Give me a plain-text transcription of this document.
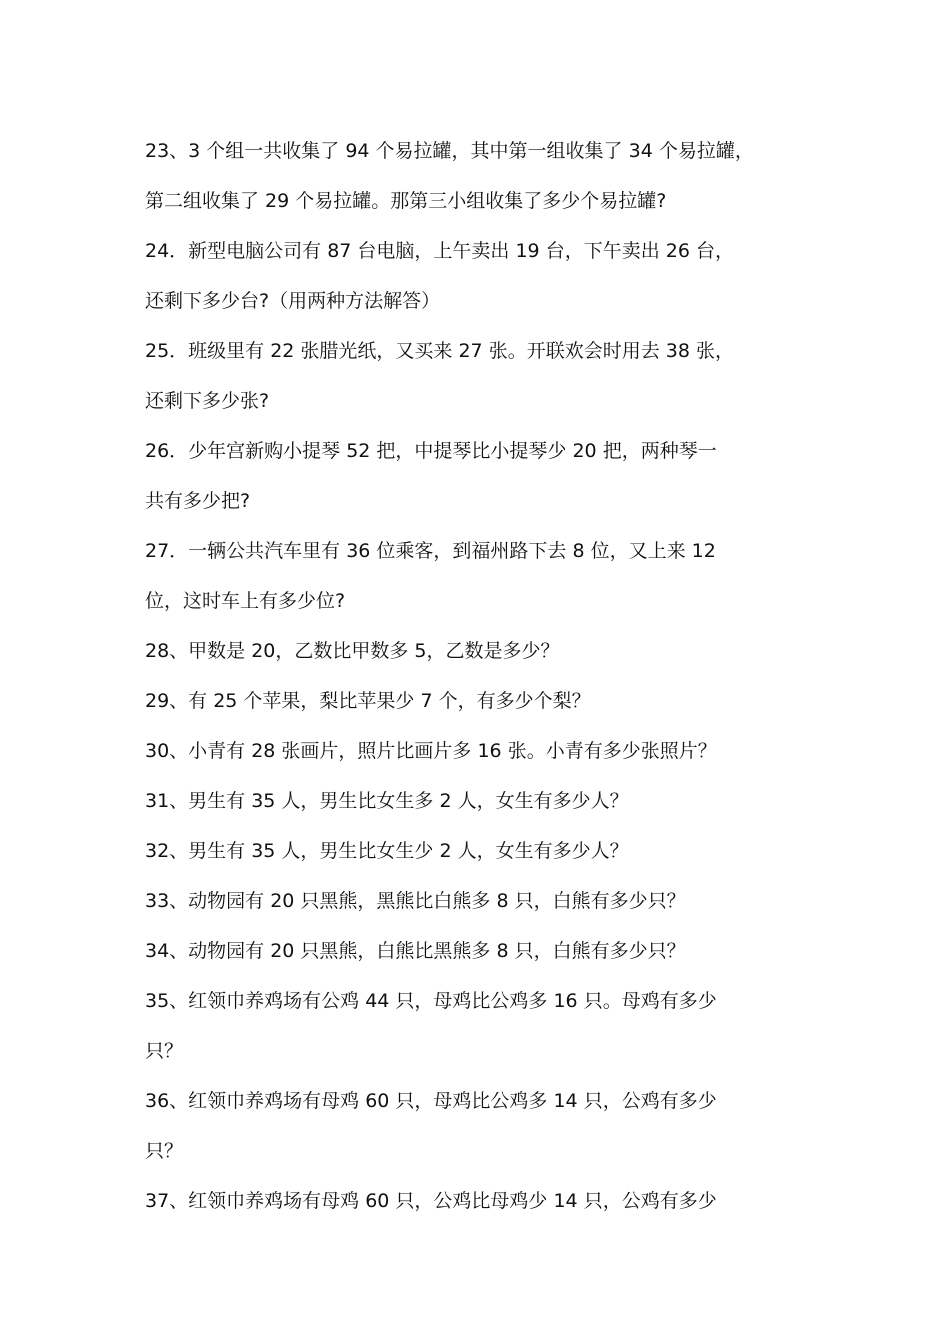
23、3 个组一共收集了 94 个易拉罐，其中第一组收集了 34 个易拉罐，
第二组收集了 29 个易拉罐。那第三小组收集了多少个易拉罐?
24．新型电脑公司有 87 台电脑，上午卖出 19 台，下午卖出 26 台，
还剩下多少台?（用两种方法解答）
25．班级里有 22 张腊光纸，又买来 27 张。开联欢会时用去 38 张，
还剩下多少张?
26．少年宫新购小提琴 52 把，中提琴比小提琴少 20 把，两种琴一
共有多少把?
27．一辆公共汽车里有 36 位乘客，到福州路下去 8 位，又上来 12
位，这时车上有多少位?
28、甲数是 20，乙数比甲数多 5，乙数是多少？
29、有 25 个苹果，梨比苹果少 7 个，有多少个梨？
30、小青有 28 张画片，照片比画片多 16 张。小青有多少张照片？
31、男生有 35 人，男生比女生多 2 人，女生有多少人？
32、男生有 35 人，男生比女生少 2 人，女生有多少人？
33、动物园有 20 只黑熊，黑熊比白熊多 8 只，白熊有多少只？
34、动物园有 20 只黑熊，白熊比黑熊多 8 只，白熊有多少只？
35、红领巾养鸡场有公鸡 44 只，母鸡比公鸡多 16 只。母鸡有多少
只？
36、红领巾养鸡场有母鸡 60 只，母鸡比公鸡多 14 只，公鸡有多少
只？
37、红领巾养鸡场有母鸡 60 只，公鸡比母鸡少 14 只，公鸡有多少
